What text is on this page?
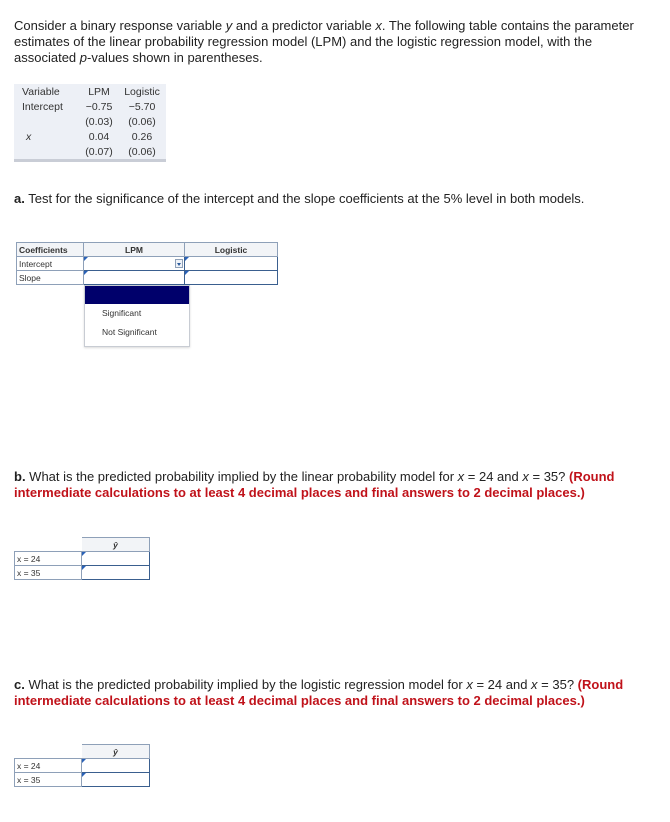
Consider a binary response variable y and a predictor variable x. The following table contains the parameter estimates of the linear probability regression model (LPM) and the logistic regression model, with the associated p-values shown in parentheses.
Variable	LPM	Logistic
Intercept	−0.75	−5.70
	(0.03)	(0.06)
x	0.04	0.26
	(0.07)	(0.06)
a. Test for the significance of the intercept and the slope coefficients at the 5% level in both models.
Coefficients	LPM	Logistic
Intercept	

Slope	

Significant
Not Significant
b. What is the predicted probability implied by the linear probability model for x = 24 and x = 35? (Round intermediate calculations to at least 4 decimal places and final answers to 2 decimal places.)
	ŷ
x = 24	

x = 35	
c. What is the predicted probability implied by the logistic regression model for x = 24 and x = 35? (Round intermediate calculations to at least 4 decimal places and final answers to 2 decimal places.)
	ŷ
x = 24	

x = 35	
